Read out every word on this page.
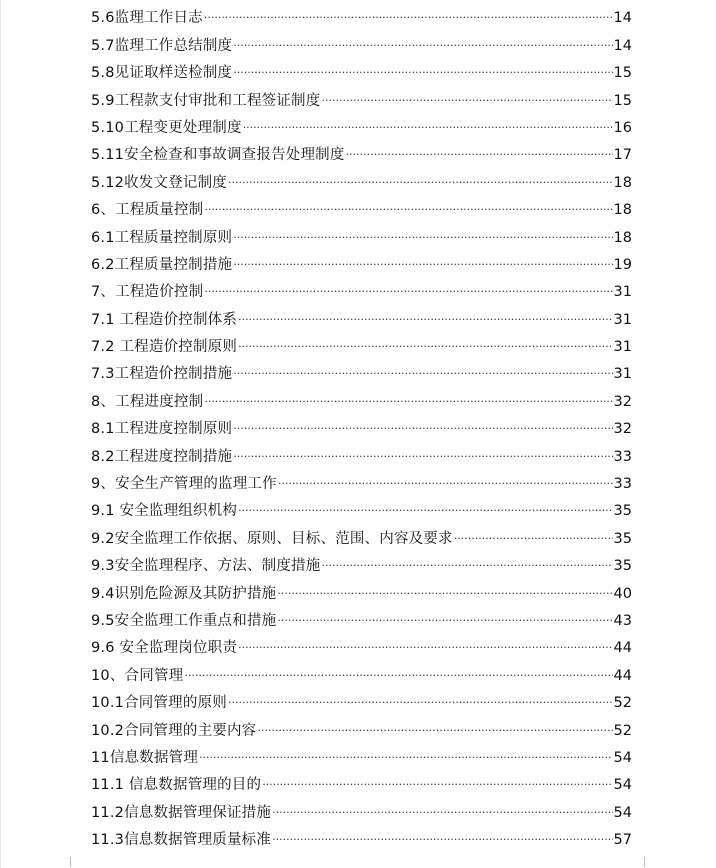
5.6监理工作日志 ·····	14
5.7监理工作总结制度 ·····	14
5.8见证取样送检制度 ·····	15
5.9工程款支付审批和工程签证制度 ·····	15
5.10工程变更处理制度 ·····	16
5.11安全检查和事故调查报告处理制度 ·····	17
5.12收发文登记制度 ·····	18
6、工程质量控制 ·····	18
6.1工程质量控制原则 ·····	18
6.2工程质量控制措施 ·····	19
7、工程造价控制 ·····	31
7.1 工程造价控制体系 ·····	31
7.2 工程造价控制原则 ·····	31
7.3工程造价控制措施 ·····	31
8、工程进度控制 ·····	32
8.1工程进度控制原则 ·····	32
8.2工程进度控制措施 ·····	33
9、安全生产管理的监理工作 ·····	33
9.1 安全监理组织机构 ·····	35
9.2安全监理工作依据、原则、目标、范围、内容及要求 ·····	35
9.3安全监理程序、方法、制度措施 ·····	35
9.4识别危险源及其防护措施 ·····	40
9.5安全监理工作重点和措施 ·····	43
9.6 安全监理岗位职责 ·····	44
10、合同管理 ·····	44
10.1合同管理的原则 ·····	52
10.2合同管理的主要内容 ·····	52
11信息数据管理 ·····	54
11.1 信息数据管理的目的 ·····	54
11.2信息数据管理保证措施 ·····	54
11.3信息数据管理质量标准 ·····	57
